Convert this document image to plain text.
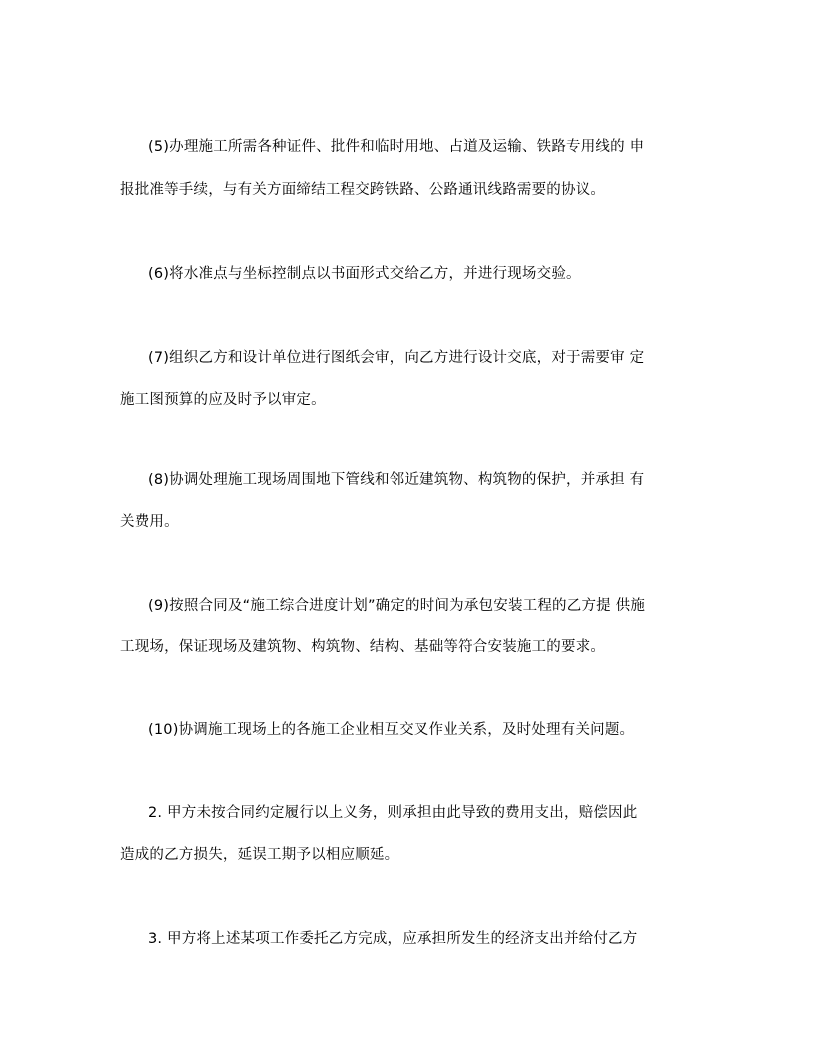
(5)办理施工所需各种证件、批件和临时用地、占道及运输、铁路专用线的 申
报批准等手续，与有关方面缔结工程交跨铁路、公路通讯线路需要的协议。
(6)将水准点与坐标控制点以书面形式交给乙方，并进行现场交验。
(7)组织乙方和设计单位进行图纸会审，向乙方进行设计交底，对于需要审 定
施工图预算的应及时予以审定。
(8)协调处理施工现场周围地下管线和邻近建筑物、构筑物的保护，并承担 有
关费用。
(9)按照合同及“施工综合进度计划”确定的时间为承包安装工程的乙方提 供施
工现场，保证现场及建筑物、构筑物、结构、基础等符合安装施工的要求。
(10)协调施工现场上的各施工企业相互交叉作业关系，及时处理有关问题。
2. 甲方未按合同约定履行以上义务，则承担由此导致的费用支出，赔偿因此
造成的乙方损失，延误工期予以相应顺延。
3. 甲方将上述某项工作委托乙方完成，应承担所发生的经济支出并给付乙方
